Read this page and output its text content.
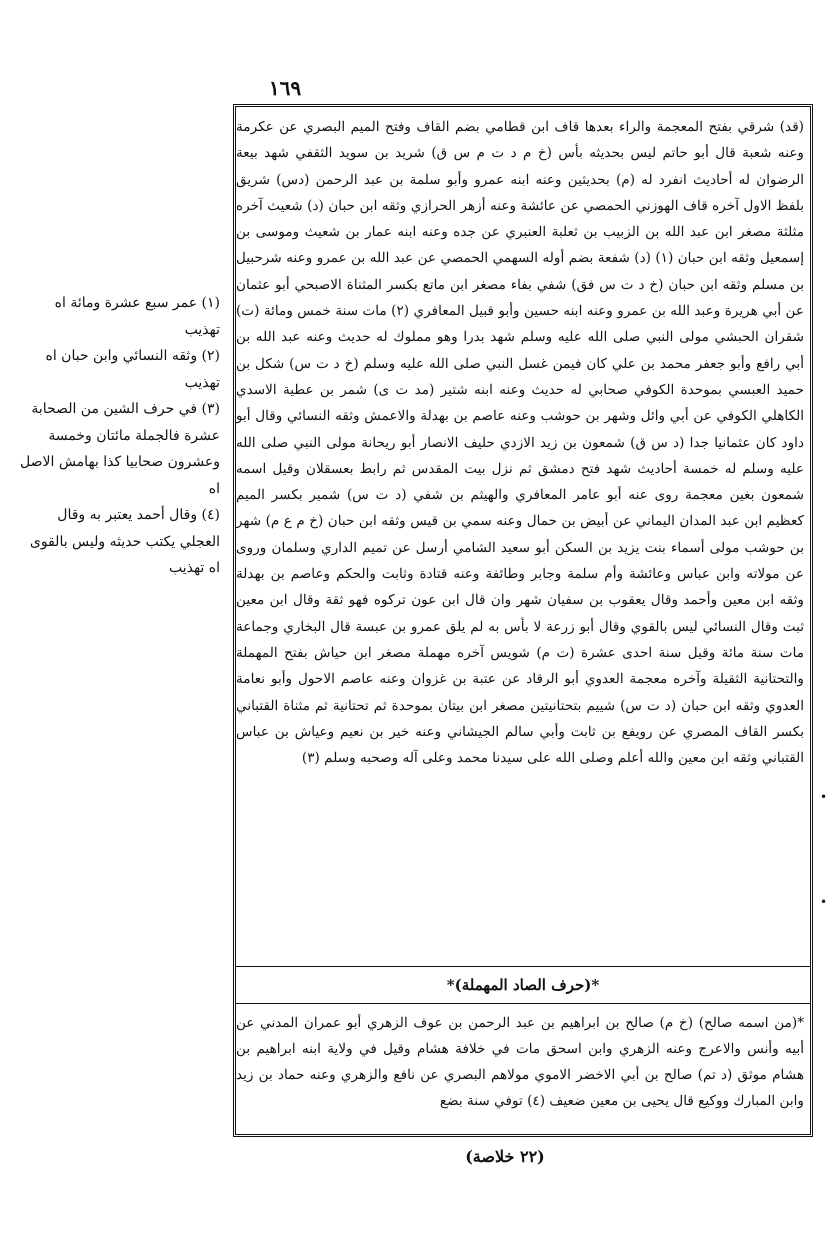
١٦٩

(قد) شرقي بفتح المعجمة والراء بعدها قاف ابن قطامي بضم القاف وفتح الميم البصري عن عكرمة وعنه شعبة قال أبو حاتم ليس بحديثه بأس (خ م د ت م س ق) شريد بن سويد الثقفي شهد بيعة الرضوان له أحاديث انفرد له (م) بحديثين وعنه ابنه عمرو وأبو سلمة بن عبد الرحمن (دس) شريق بلفظ الاول آخره قاف الهوزني الحمصي عن عائشة وعنه أزهر الحرازي وثقه ابن حبان (د) شعيث آخره مثلثة مصغر ابن عبد الله بن الزبيب بن ثعلبة العنبري عن جده وعنه ابنه عمار بن شعيث وموسى بن إسمعيل وثقه ابن حبان (١) (د) شفعة بضم أوله السهمي الحمصي عن عبد الله بن عمرو وعنه شرحبيل بن مسلم وثقه ابن حبان (خ د ت س فق) شفي بفاء مصغر ابن ماتع بكسر المثناة الاصبحي أبو عثمان عن أبي هريرة وعبد الله بن عمرو وعنه ابنه حسين وأبو قبيل المعافري (٢) مات سنة خمس ومائة (ت) شقران الحبشي مولى النبي صلى الله عليه وسلم شهد بدرا وهو مملوك له حديث وعنه عبد الله بن أبي رافع وأبو جعفر محمد بن علي كان فيمن غسل النبي صلى الله عليه وسلم (خ د ت س) شكل بن حميد العبسي بموحدة الكوفي صحابي له حديث وعنه ابنه شتير (مد ت ى) شمر بن عطية الاسدي الكاهلي الكوفي عن أبي وائل وشهر بن حوشب وعنه عاصم بن بهدلة والاعمش وثقه النسائي وقال أبو داود كان عثمانيا جدا (د س ق) شمعون بن زيد الازدي حليف الانصار أبو ريحانة مولى النبي صلى الله عليه وسلم له خمسة أحاديث شهد فتح دمشق ثم نزل بيت المقدس ثم رابط بعسقلان وقيل اسمه شمعون بغين معجمة روى عنه أبو عامر المعافري والهيثم بن شفي (د ت س) شمير بكسر الميم كعظيم ابن عبد المدان اليماني عن أبيض بن حمال وعنه سمي بن قيس وثقه ابن حبان (خ م ع م) شهر بن حوشب مولى أسماء بنت يزيد بن السكن أبو سعيد الشامي أرسل عن تميم الداري وسلمان وروى عن مولاته وابن عباس وعائشة وأم سلمة وجابر وطائفة وعنه قتادة وثابت والحكم وعاصم بن بهدلة وثقه ابن معين وأحمد وقال يعقوب بن سفيان شهر وان قال ابن عون تركوه فهو ثقة وقال ابن معين ثبت وقال النسائي ليس بالقوي وقال أبو زرعة لا بأس به لم يلق عمرو بن عبسة قال البخاري وجماعة مات سنة مائة وقيل سنة احدى عشرة (ت م) شويس آخره مهملة مصغر ابن حياش بفتح المهملة والتحتانية الثقيلة وآخره معجمة العدوي أبو الرقاد عن عتبة بن غزوان وعنه عاصم الاحول وأبو نعامة العدوي وثقه ابن حبان (د ت س) شييم بتحتانيتين مصغر ابن بيتان بموحدة ثم تحتانية ثم مثناة القتباني بكسر القاف المصري عن رويفع بن ثابت وأبي سالم الجيشاني وعنه خير بن نعيم وعياش بن عباس القتباني وثقه ابن معين والله أعلم وصلى الله على سيدنا محمد وعلى آله وصحبه وسلم (٣)

*(حرف الصاد المهملة)*

*(من اسمه صالح) (خ م) صالح بن ابراهيم بن عبد الرحمن بن عوف الزهري أبو عمران المدني عن أبيه وأنس والاعرج وعنه الزهري وابن اسحق مات في خلافة هشام وقيل في ولاية ابنه ابراهيم بن هشام موثق (د تم) صالح بن أبي الاخضر الاموي مولاهم البصري عن نافع والزهري وعنه حماد بن زيد وابن المبارك ووكيع قال يحيى بن معين ضعيف (٤) توفي سنة بضع

(١) عمر سبع عشرة ومائة اه تهذيب

(٢) وثقه النسائي وابن حبان اه تهذيب

(٣) في حرف الشين من الصحابة عشرة فالجملة مائتان وخمسة وعشرون صحابيا كذا بهامش الاصل اه

(٤) وقال أحمد يعتبر به وقال العجلي يكتب حديثه وليس بالقوى اه تهذيب

(٢٢ خلاصة)
•
•
